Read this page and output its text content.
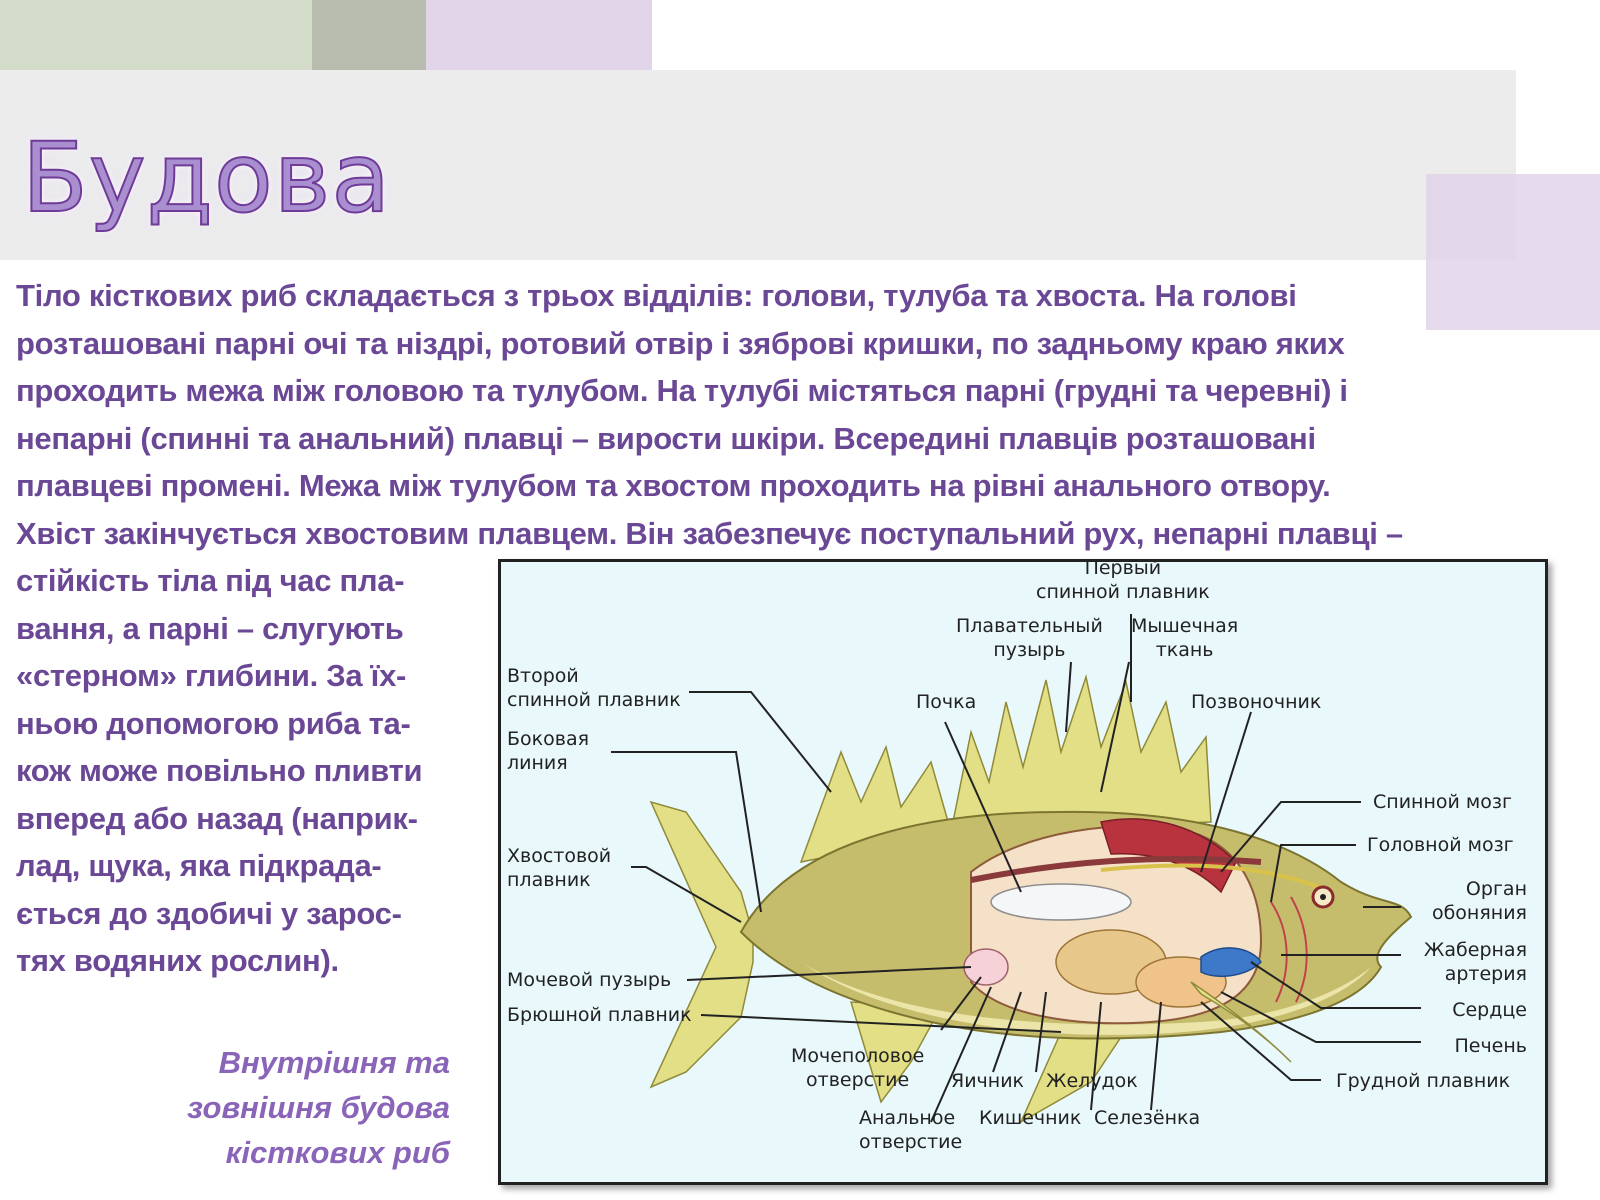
Будова

Тіло кісткових риб складається з трьох відділів: голови, тулуба та хвоста. На голові
розташовані парні очі та ніздрі, ротовий отвір і зяброві кришки, по задньому краю яких
проходить межа між головою та тулубом. На тулубі містяться парні (грудні та черевні) і
непарні (спинні та анальний) плавці – вирости шкіри. Всередині плавців розташовані
плавцеві промені. Межа між тулубом та хвостом проходить на рівні анального отвору.
Хвіст закінчується хвостовим плавцем. Він забезпечує поступальний рух, непарні плавці –

стійкість тіла під час пла-
вання, а парні – слугують
«стерном» глибини. За їх-
ньою допомогою риба та-
кож може повільно пливти
вперед або назад (наприк-
лад, щука, яка підкрада-
ється до здобичі у зарос-
тях водяних рослин).

Внутрішня та
зовнішня будова
кісткових риб
Первый
спинной плавник
Плавательный
пузырь
Мышечная
ткань
Второй
спинной плавник	Почка	Позвоночник
Боковая
линия
Спинной мозг
Головной мозг
Хвостовой
плавник	Орган
обоняния
Жаберная
артерия
Мочевой пузырь
Сердце
Брюшной плавник
Печень
Мочеполовое
отверстие	Яичник Желудок	Грудной плавник
Анальное
отверстие
Кишечник Селезёнка
